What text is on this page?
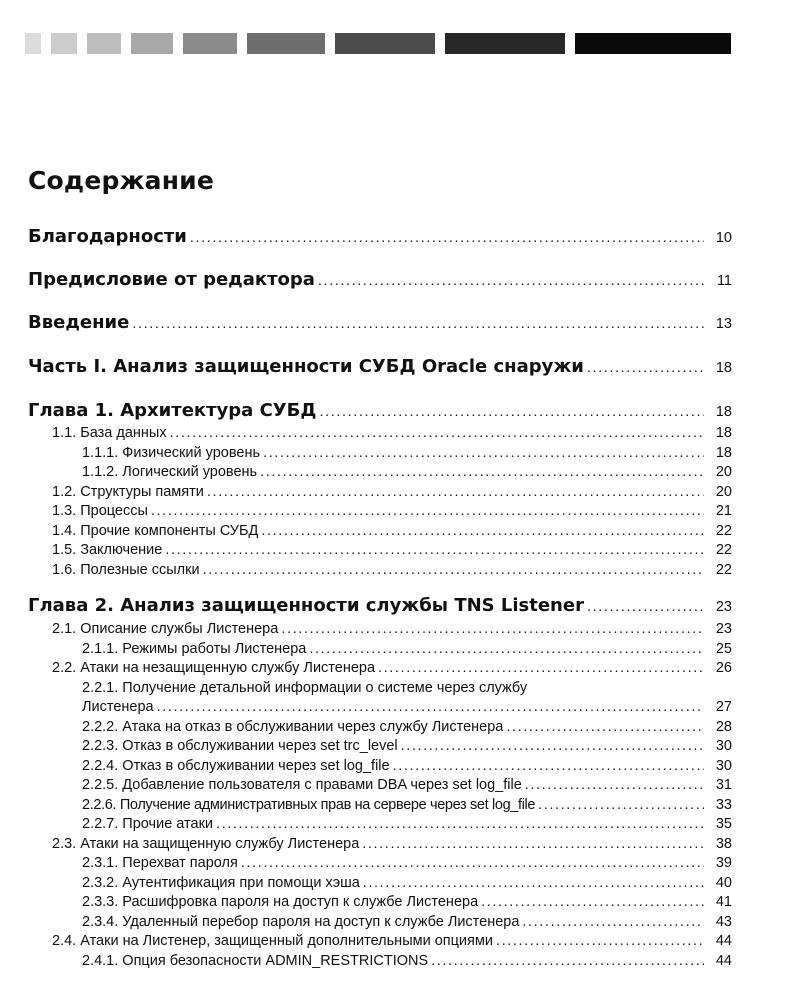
Содержание
Благодарности .....	10
Предисловие от редактора .....	11
Введение .....	13
Часть I. Анализ защищенности СУБД Oracle снаружи .....	18
Глава 1. Архитектура СУБД .....	18
1.1. База данных .....	18
1.1.1. Физический уровень .....	18
1.1.2. Логический уровень .....	20
1.2. Структуры памяти .....	20
1.3. Процессы .....	21
1.4. Прочие компоненты СУБД .....	22
1.5. Заключение .....	22
1.6. Полезные ссылки .....	22
Глава 2. Анализ защищенности службы TNS Listener .....	23
2.1. Описание службы Листенера .....	23
2.1.1. Режимы работы Листенера .....	25
2.2. Атаки на незащищенную службу Листенера .....	26
2.2.1. Получение детальной информации о системе через службу
Листенера .....	27
2.2.2. Атака на отказ в обслуживании через службу Листенера .....	28
2.2.3. Отказ в обслуживании через set trc_level .....	30
2.2.4. Отказ в обслуживании через set log_file .....	30
2.2.5. Добавление пользователя с правами DBA через set log_file .....	31
2.2.6. Получение административных прав на сервере через set log_file .....	33
2.2.7. Прочие атаки .....	35
2.3. Атаки на защищенную службу Листенера .....	38
2.3.1. Перехват пароля .....	39
2.3.2. Аутентификация при помощи хэша .....	40
2.3.3. Расшифровка пароля на доступ к службе Листенера .....	41
2.3.4. Удаленный перебор пароля на доступ к службе Листенера .....	43
2.4. Атаки на Листенер, защищенный дополнительными опциями .....	44
2.4.1. Опция безопасности ADMIN_RESTRICTIONS .....	44
